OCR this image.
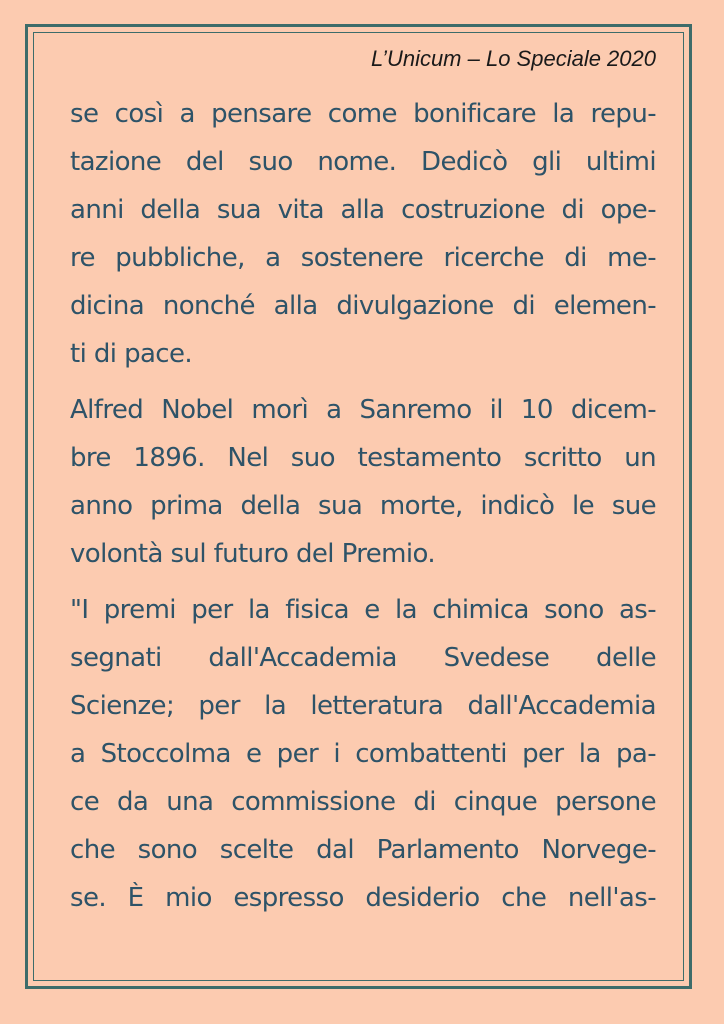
L’Unicum – Lo Speciale 2020
se così a pensare come bonificare la repu-
tazione del suo nome. Dedicò gli ultimi
anni della sua vita alla costruzione di ope-
re pubbliche, a sostenere ricerche di me-
dicina nonché alla divulgazione di elemen-
ti di pace.
Alfred Nobel morì a Sanremo il 10 dicem-
bre 1896. Nel suo testamento scritto un
anno prima della sua morte, indicò le sue
volontà sul futuro del Premio.
"I premi per la fisica e la chimica sono as-
segnati dall'Accademia Svedese delle
Scienze; per la letteratura dall'Accademia
a Stoccolma e per i combattenti per la pa-
ce da una commissione di cinque persone
che sono scelte dal Parlamento Norvege-
se. È mio espresso desiderio che nell'as-
